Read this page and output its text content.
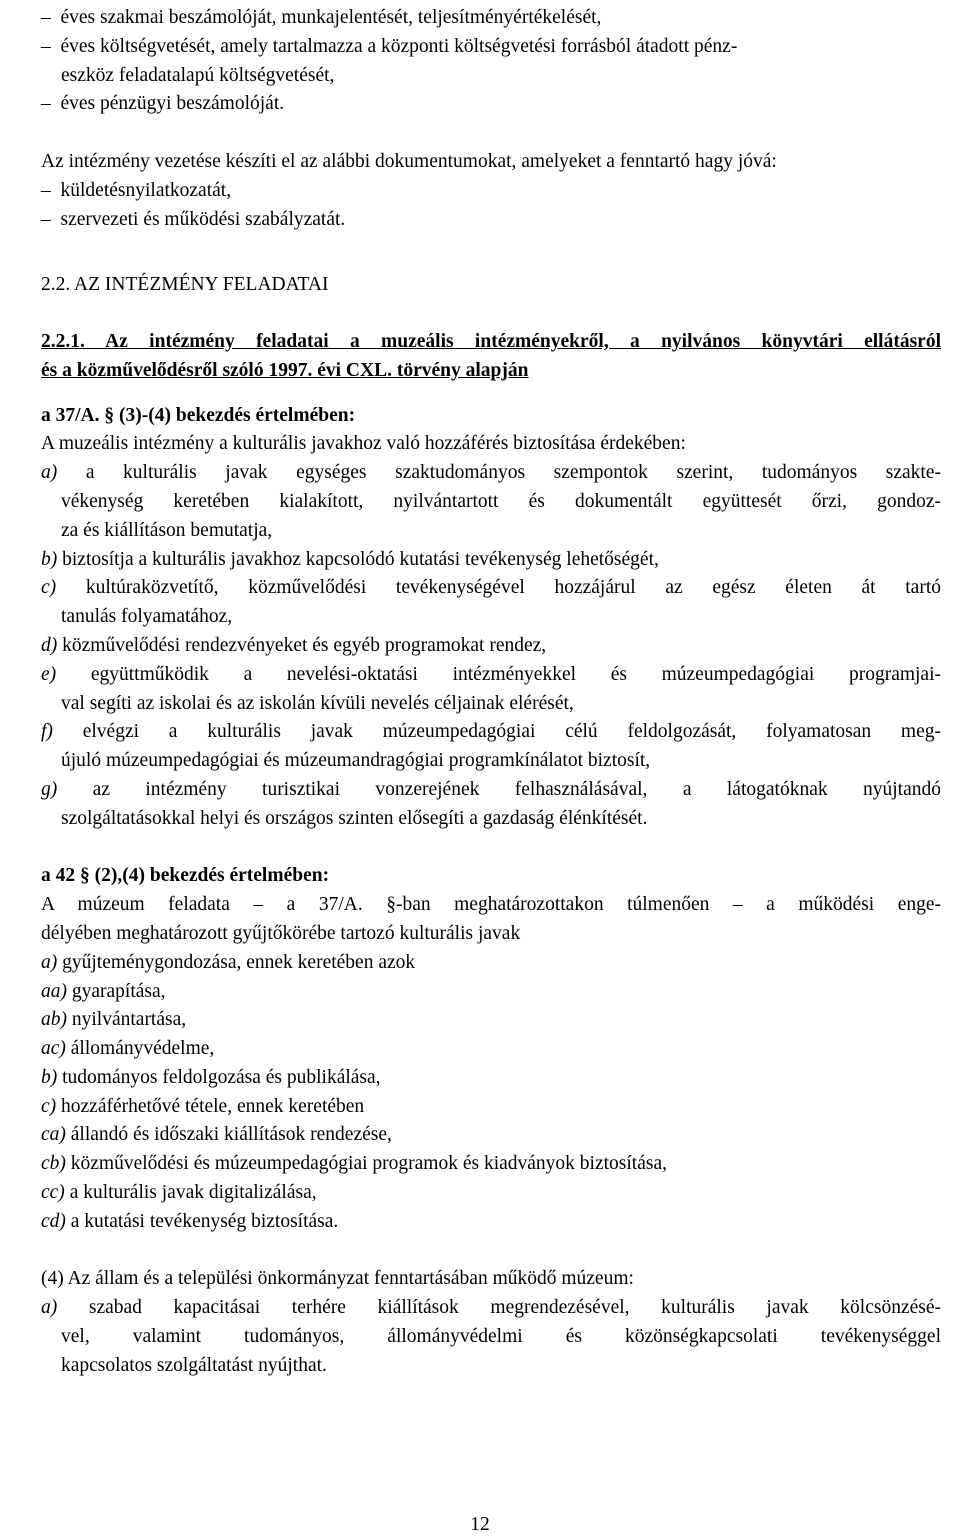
–  éves szakmai beszámolóját, munkajelentését, teljesítményértékelését,
–  éves költségvetését, amely tartalmazza a központi költségvetési forrásból átadott pénz-
eszköz feladatalapú költségvetését,
–  éves pénzügyi beszámolóját.
Az intézmény vezetése készíti el az alábbi dokumentumokat, amelyeket a fenntartó hagy jóvá:
–  küldetésnyilatkozatát,
–  szervezeti és működési szabályzatát.
2.2. AZ INTÉZMÉNY FELADATAI
2.2.1. Az intézmény feladatai a muzeális intézményekről, a nyilvános könyvtári ellátásról
és a közművelődésről szóló 1997. évi CXL. törvény alapján
a 37/A. § (3)-(4) bekezdés értelmében:
A muzeális intézmény a kulturális javakhoz való hozzáférés biztosítása érdekében:
a) a kulturális javak egységes szaktudományos szempontok szerint, tudományos szakte-
vékenység keretében kialakított, nyilvántartott és dokumentált együttesét őrzi, gondoz-
za és kiállításon bemutatja,
b) biztosítja a kulturális javakhoz kapcsolódó kutatási tevékenység lehetőségét,
c) kultúraközvetítő, közművelődési tevékenységével hozzájárul az egész életen át tartó
tanulás folyamatához,
d) közművelődési rendezvényeket és egyéb programokat rendez,
e) együttműködik a nevelési-oktatási intézményekkel és múzeumpedagógiai programjai-
val segíti az iskolai és az iskolán kívüli nevelés céljainak elérését,
f) elvégzi a kulturális javak múzeumpedagógiai célú feldolgozását, folyamatosan meg-
újuló múzeumpedagógiai és múzeumandragógiai programkínálatot biztosít,
g) az intézmény turisztikai vonzerejének felhasználásával, a látogatóknak nyújtandó
szolgáltatásokkal helyi és országos szinten elősegíti a gazdaság élénkítését.
a 42 § (2),(4) bekezdés értelmében:
A múzeum feladata – a 37/A. §-ban meghatározottakon túlmenően – a működési enge-
délyében meghatározott gyűjtőkörébe tartozó kulturális javak
a) gyűjteménygondozása, ennek keretében azok
aa) gyarapítása,
ab) nyilvántartása,
ac) állományvédelme,
b) tudományos feldolgozása és publikálása,
c) hozzáférhetővé tétele, ennek keretében
ca) állandó és időszaki kiállítások rendezése,
cb) közművelődési és múzeumpedagógiai programok és kiadványok biztosítása,
cc) a kulturális javak digitalizálása,
cd) a kutatási tevékenység biztosítása.
(4) Az állam és a települési önkormányzat fenntartásában működő múzeum:
a) szabad kapacitásai terhére kiállítások megrendezésével, kulturális javak kölcsönzésé-
vel, valamint tudományos, állományvédelmi és közönségkapcsolati tevékenységgel
kapcsolatos szolgáltatást nyújthat.
12
